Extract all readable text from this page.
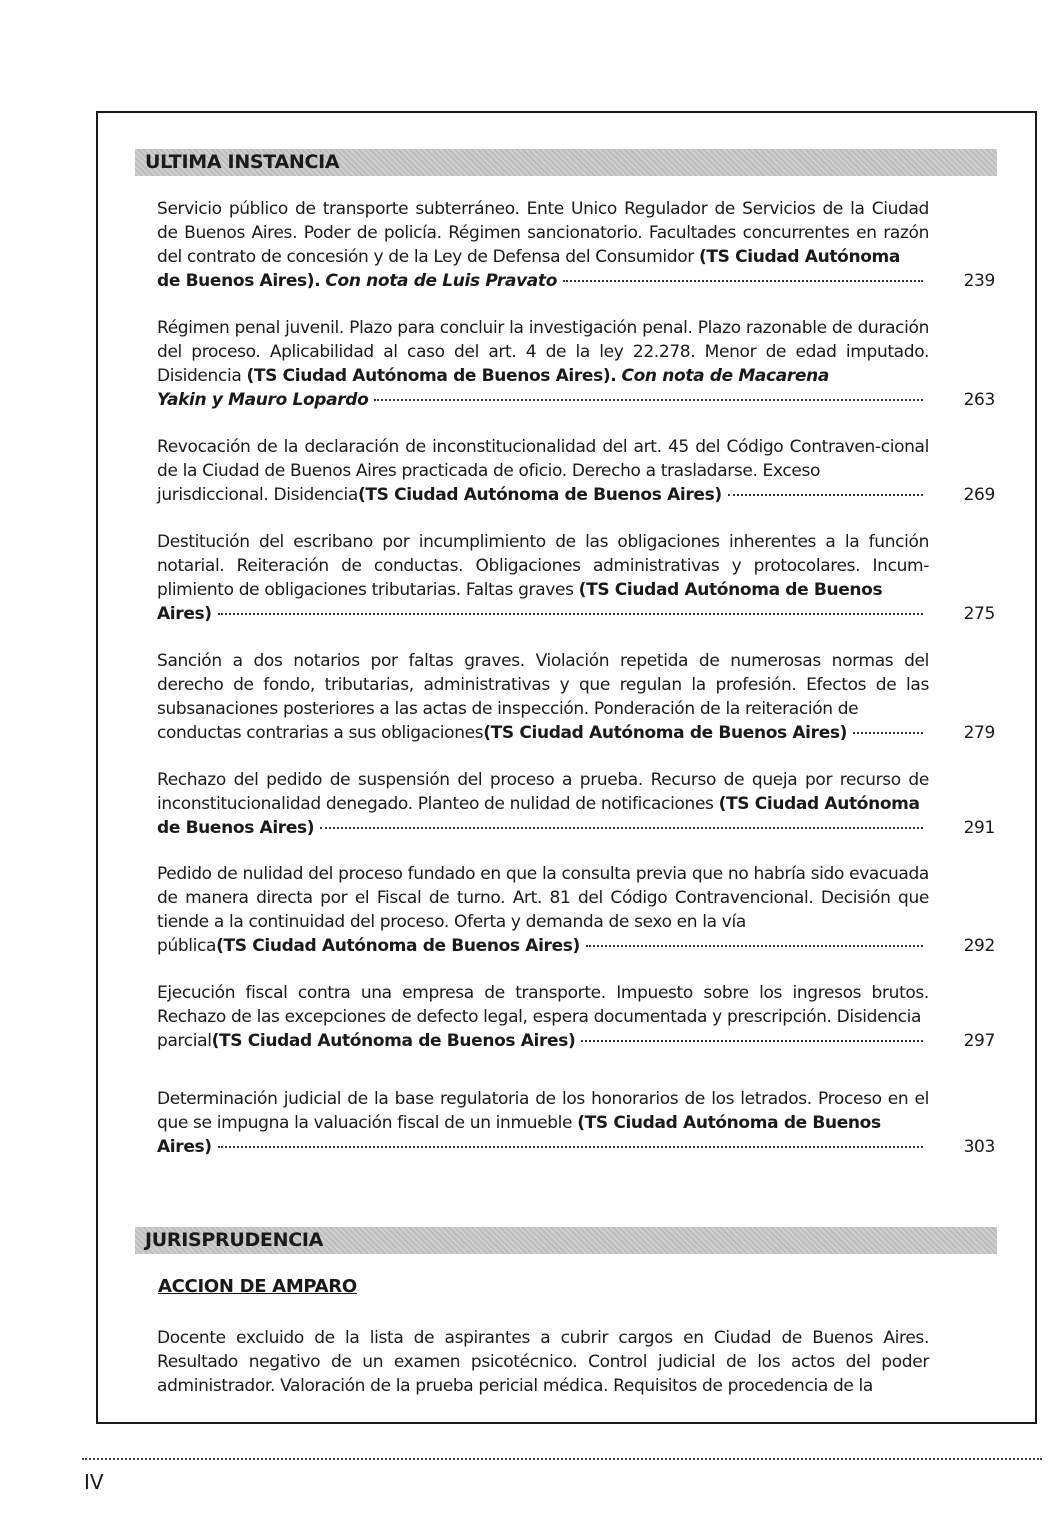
ULTIMA INSTANCIA
Servicio público de transporte subterráneo. Ente Unico Regulador de Servicios de la Ciudad de Buenos Aires. Poder de policía. Régimen sancionatorio. Facultades concurrentes en razón del contrato de concesión y de la Ley de Defensa del Consumidor (TS Ciudad Autónoma
de Buenos Aires).
Con nota de Luis Pravato	239
Régimen penal juvenil. Plazo para concluir la investigación penal. Plazo razonable de duración del proceso. Aplicabilidad al caso del art. 4 de la ley 22.278. Menor de edad imputado. Disidencia (TS Ciudad Autónoma de Buenos Aires). Con nota de Macarena
Yakin y Mauro Lopardo	263
Revocación de la declaración de inconstitucionalidad del art. 45 del Código Contraven-cional de la Ciudad de Buenos Aires practicada de oficio. Derecho a trasladarse. Exceso
jurisdiccional. Disidencia (TS Ciudad Autónoma de Buenos Aires)	269
Destitución del escribano por incumplimiento de las obligaciones inherentes a la función notarial. Reiteración de conductas. Obligaciones administrativas y protocolares. Incum-plimiento de obligaciones tributarias. Faltas graves (TS Ciudad Autónoma de Buenos
Aires)	275
Sanción a dos notarios por faltas graves. Violación repetida de numerosas normas del derecho de fondo, tributarias, administrativas y que regulan la profesión. Efectos de las subsanaciones posteriores a las actas de inspección. Ponderación de la reiteración de
conductas contrarias a sus obligaciones (TS Ciudad Autónoma de Buenos Aires)	279
Rechazo del pedido de suspensión del proceso a prueba. Recurso de queja por recurso de inconstitucionalidad denegado. Planteo de nulidad de notificaciones (TS Ciudad Autónoma
de Buenos Aires)	291
Pedido de nulidad del proceso fundado en que la consulta previa que no habría sido evacuada de manera directa por el Fiscal de turno. Art. 81 del Código Contravencional. Decisión que tiende a la continuidad del proceso. Oferta y demanda de sexo en la vía
pública (TS Ciudad Autónoma de Buenos Aires)	292
Ejecución fiscal contra una empresa de transporte. Impuesto sobre los ingresos brutos. Rechazo de las excepciones de defecto legal, espera documentada y prescripción. Disidencia
parcial (TS Ciudad Autónoma de Buenos Aires)	297
Determinación judicial de la base regulatoria de los honorarios de los letrados. Proceso en el que se impugna la valuación fiscal de un inmueble (TS Ciudad Autónoma de Buenos
Aires)	303
JURISPRUDENCIA
ACCION DE AMPARO
Docente excluido de la lista de aspirantes a cubrir cargos en Ciudad de Buenos Aires. Resultado negativo de un examen psicotécnico. Control judicial de los actos del poder administrador. Valoración de la prueba pericial médica. Requisitos de procedencia de la
IV
